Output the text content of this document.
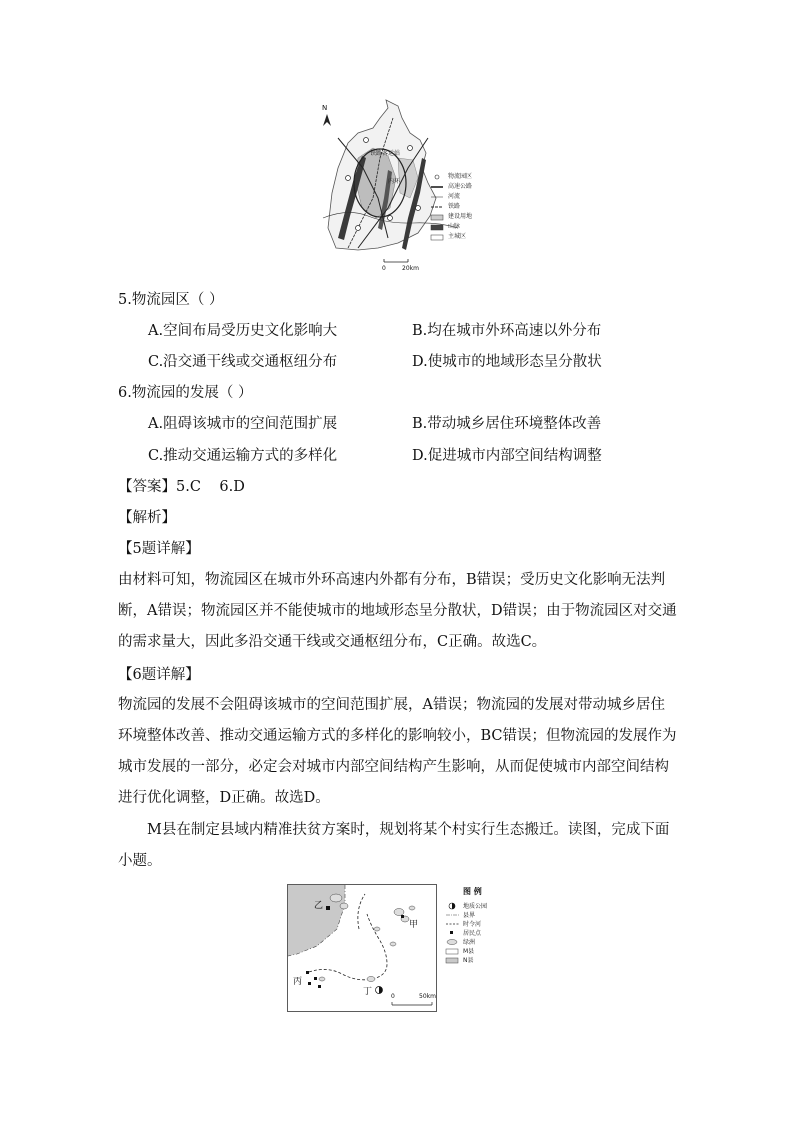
N
铁路客运站
内环
0	20km
物流园区
高速公路
河流
铁路
建设用地
山脉
主城区
5.物流园区（ ）
A.空间布局受历史文化影响大	B.均在城市外环高速以外分布
C.沿交通干线或交通枢纽分布	D.使城市的地域形态呈分散状
6.物流园的发展（ ）
A.阻碍该城市的空间范围扩展	B.带动城乡居住环境整体改善
C.推动交通运输方式的多样化	D.促进城市内部空间结构调整
【答案】5.C    6.D
【解析】
【5题详解】
由材料可知，物流园区在城市外环高速内外都有分布，B错误；受历史文化影响无法判断，A错误；物流园区并不能使城市的地域形态呈分散状，D错误；由于物流园区对交通的需求量大，因此多沿交通干线或交通枢纽分布，C正确。故选C。
【6题详解】
物流园的发展不会阻碍该城市的空间范围扩展，A错误；物流园的发展对带动城乡居住环境整体改善、推动交通运输方式的多样化的影响较小，BC错误；但物流园的发展作为城市发展的一部分，必定会对城市内部空间结构产生影响，从而促使城市内部空间结构进行优化调整，D正确。故选D。
M县在制定县域内精准扶贫方案时，规划将某个村实行生态搬迁。读图，完成下面小题。
乙
甲
丙
丁	0	50km
图 例
地质公园
县界
时令河
居民点
绿洲
M县
N县
